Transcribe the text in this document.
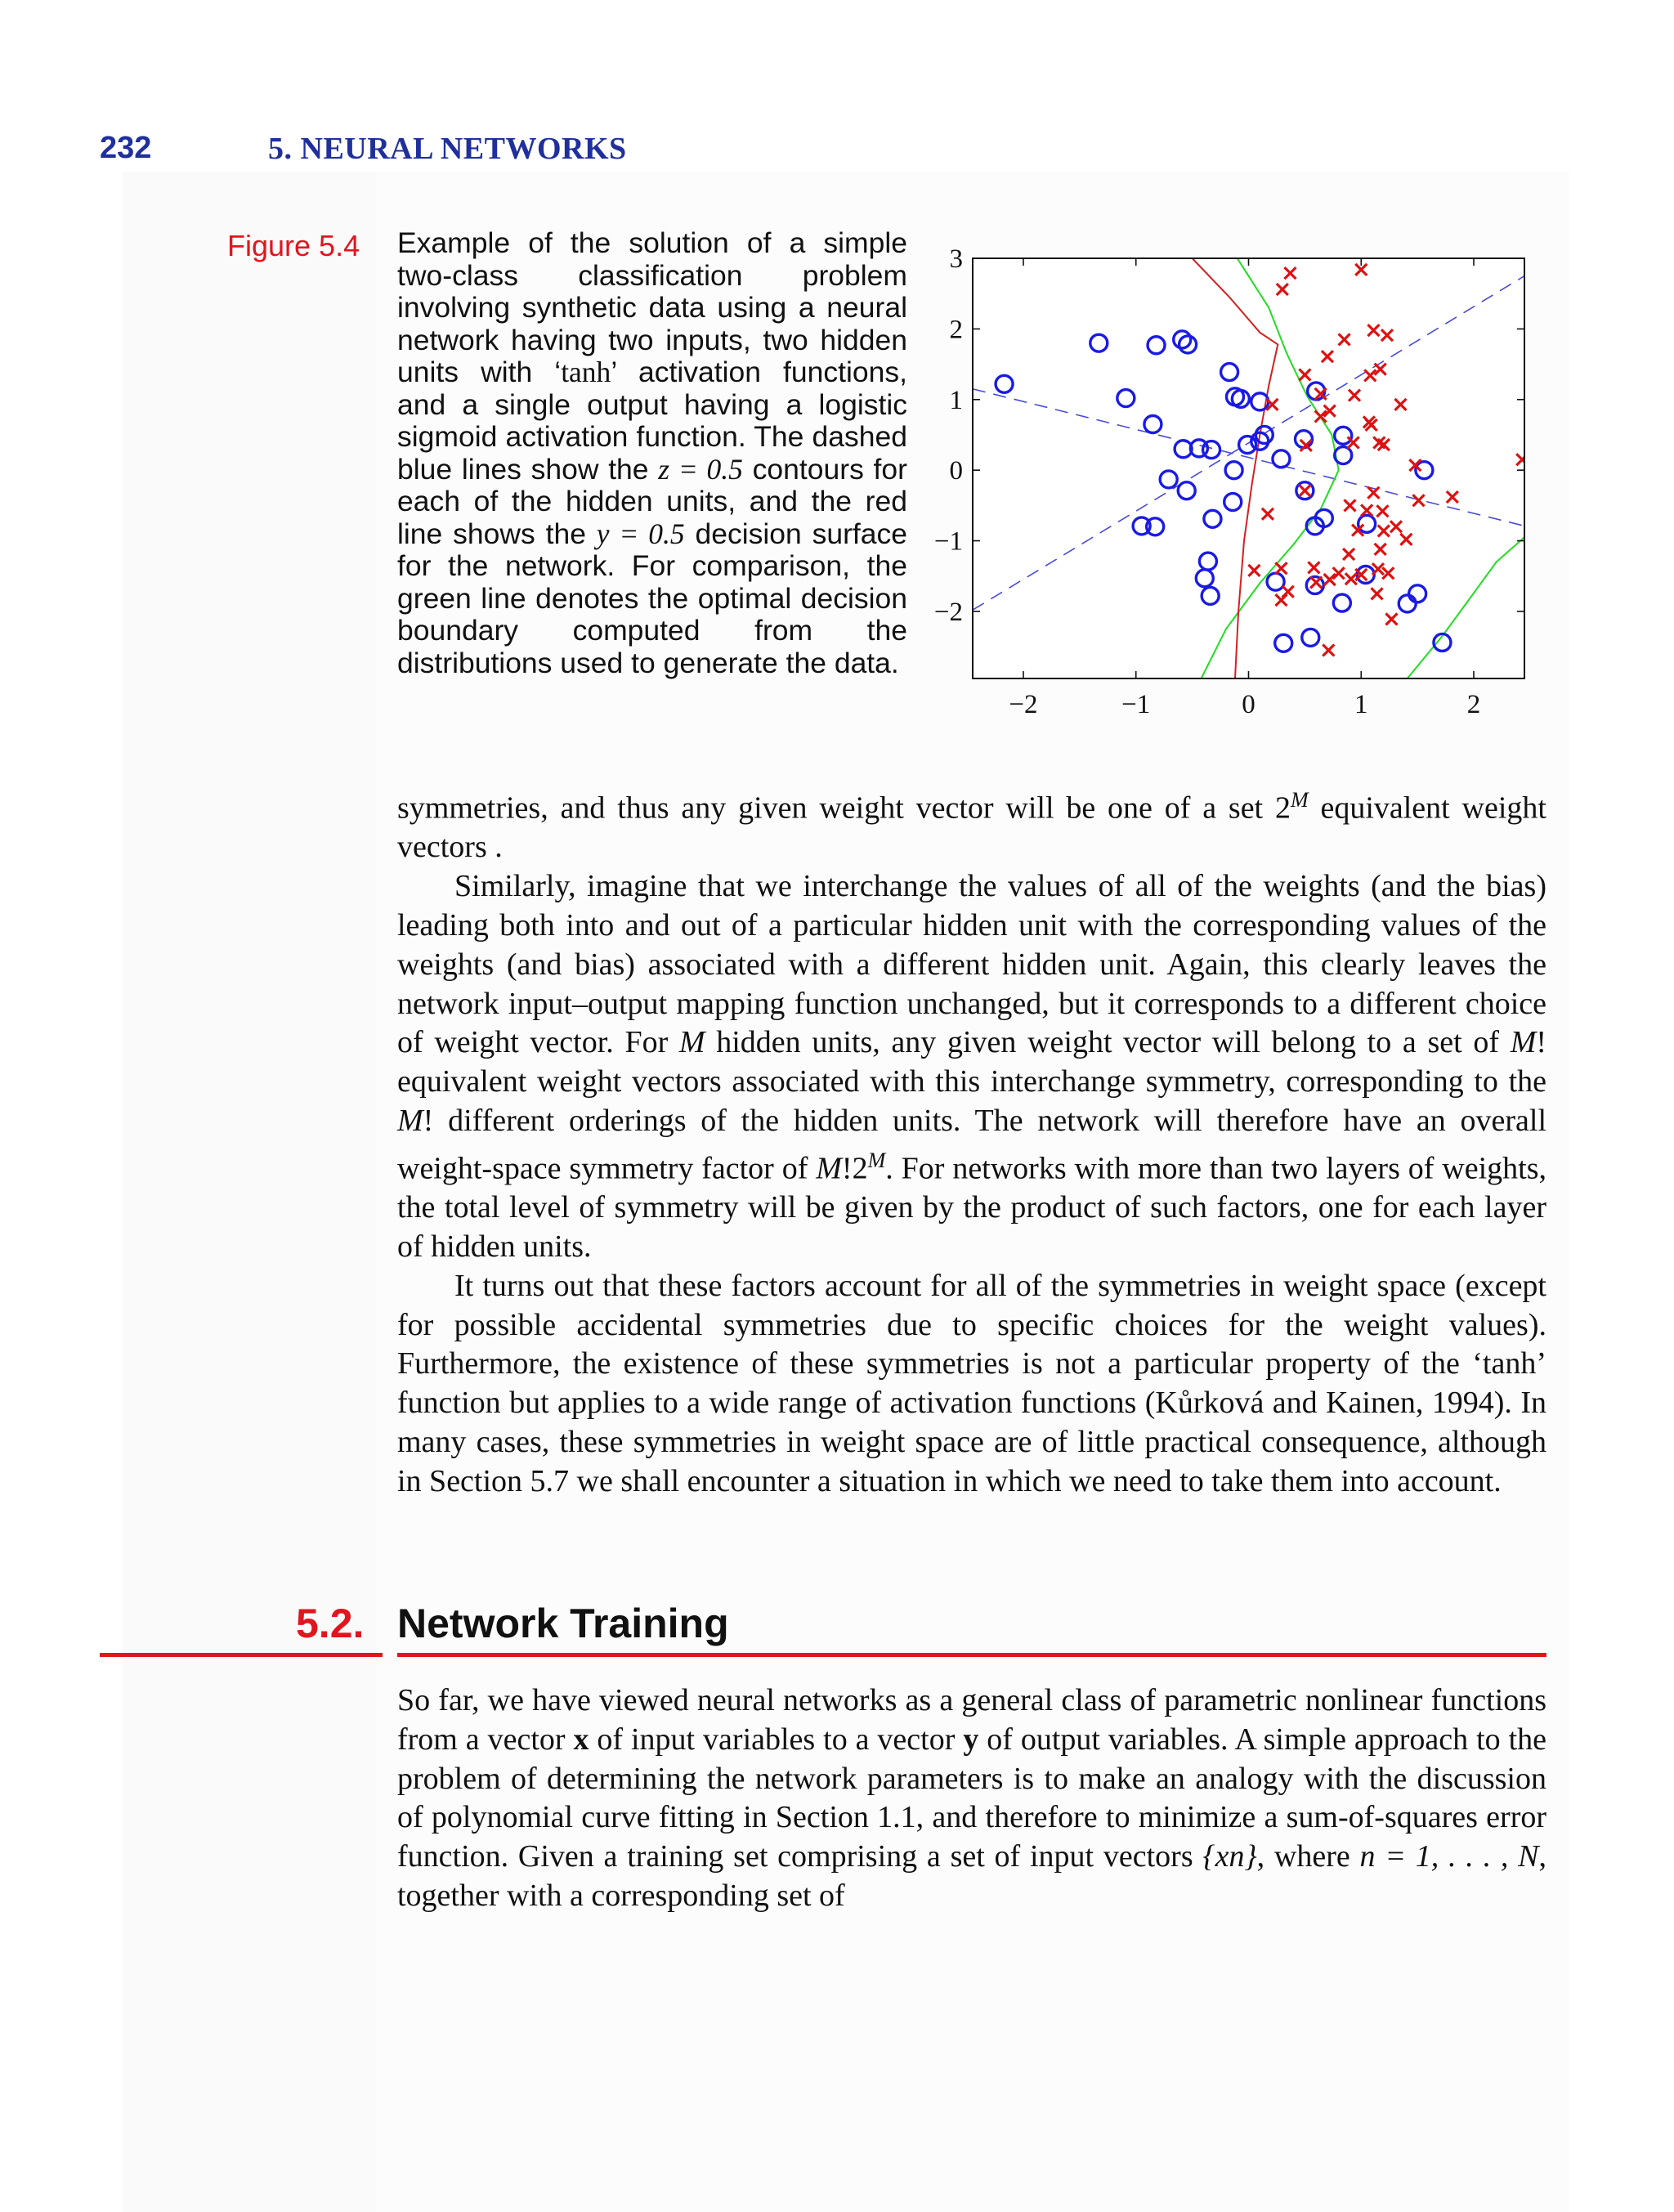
232	5. NEURAL NETWORKS
Figure 5.4 Example of the solution of a simple two-class classification problem involving synthetic data using a neural network having two inputs, two hidden units with ‘tanh’ activation functions, and a single output having a logistic sigmoid activation function. The dashed blue lines show the z = 0.5 contours for each of the hidden units, and the red line shows the y = 0.5 decision surface for the network. For comparison, the green line denotes the optimal decision boundary computed from the distributions used to generate the data.

−2	−1	0	1	2
3
2
1
0
−1
−2

symmetries, and thus any given weight vector will be one of a set $2^M$ equivalent weight vectors .

Similarly, imagine that we interchange the values of all of the weights (and the bias) leading both into and out of a particular hidden unit with the corresponding values of the weights (and bias) associated with a different hidden unit. Again, this clearly leaves the network input–output mapping function unchanged, but it corresponds to a different choice of weight vector. For M hidden units, any given weight vector will belong to a set of M! equivalent weight vectors associated with this interchange symmetry, corresponding to the M! different orderings of the hidden units. The network will therefore have an overall weight-space symmetry factor of $M!2^M$. For networks with more than two layers of weights, the total level of symmetry will be given by the product of such factors, one for each layer of hidden units.

It turns out that these factors account for all of the symmetries in weight space (except for possible accidental symmetries due to specific choices for the weight values). Furthermore, the existence of these symmetries is not a particular property of the ‘tanh’ function but applies to a wide range of activation functions (Kůrková and Kainen, 1994). In many cases, these symmetries in weight space are of little practical consequence, although in Section 5.7 we shall encounter a situation in which we need to take them into account.

5.2. Network Training

So far, we have viewed neural networks as a general class of parametric nonlinear functions from a vector x of input variables to a vector y of output variables. A simple approach to the problem of determining the network parameters is to make an analogy with the discussion of polynomial curve fitting in Section 1.1, and therefore to minimize a sum-of-squares error function. Given a training set comprising a set of input vectors {xn}, where n = 1, . . . , N, together with a corresponding set of
